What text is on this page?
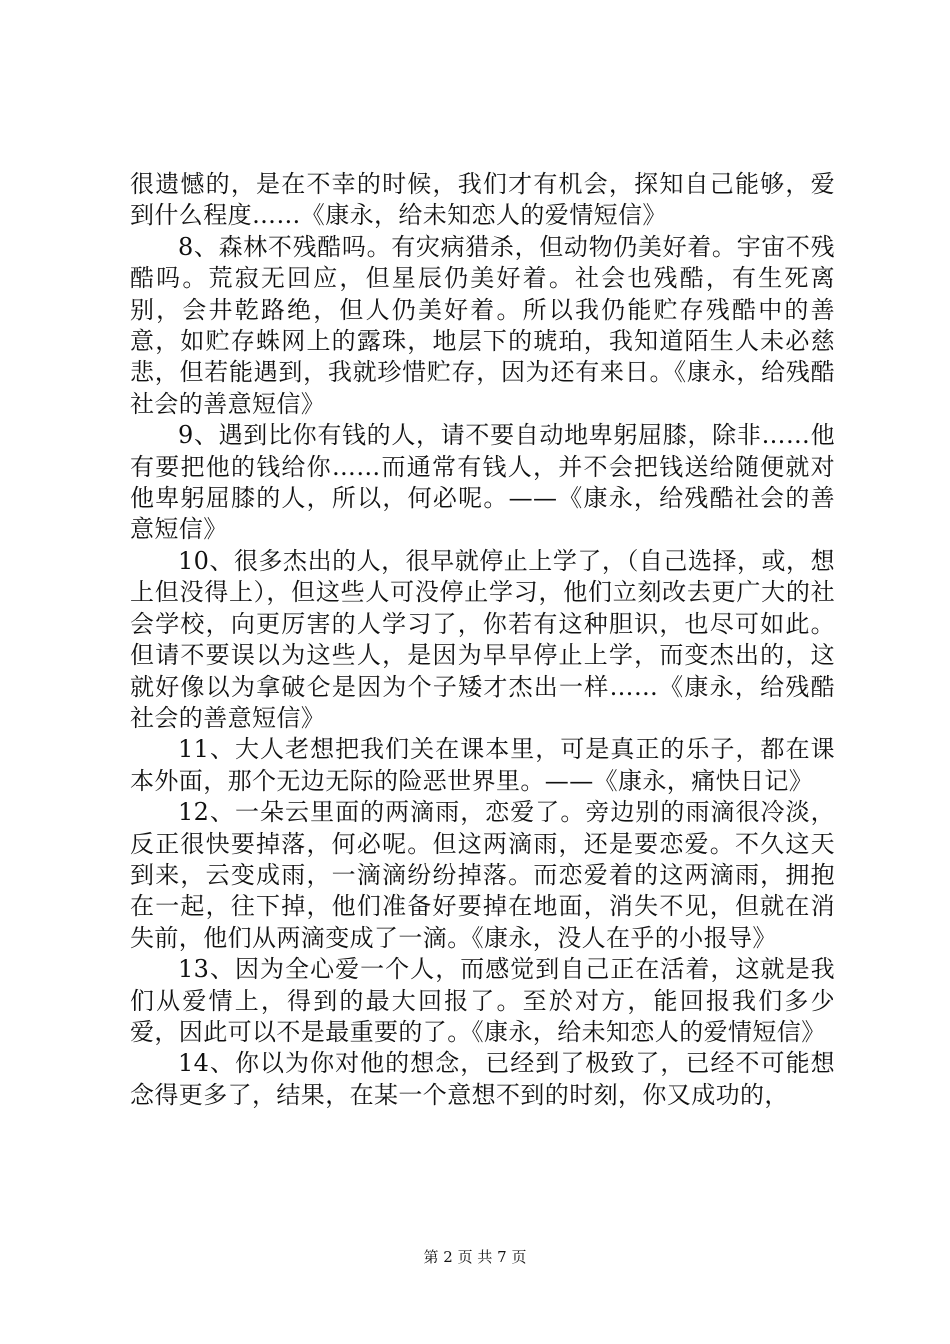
很遗憾的，是在不幸的时候，我们才有机会，探知自己能够，爱到什么程度……《康永，给未知恋人的爱情短信》

8、森林不残酷吗。有灾病猎杀，但动物仍美好着。宇宙不残酷吗。荒寂无回应，但星辰仍美好着。社会也残酷，有生死离别，会井乾路绝，但人仍美好着。所以我仍能贮存残酷中的善意，如贮存蛛网上的露珠，地层下的琥珀，我知道陌生人未必慈悲，但若能遇到，我就珍惜贮存，因为还有来日。《康永，给残酷社会的善意短信》

9、遇到比你有钱的人，请不要自动地卑躬屈膝，除非……他有要把他的钱给你……而通常有钱人，并不会把钱送给随便就对他卑躬屈膝的人，所以，何必呢。——《康永，给残酷社会的善意短信》

10、很多杰出的人，很早就停止上学了，（自己选择，或，想上但没得上），但这些人可没停止学习，他们立刻改去更广大的社会学校，向更厉害的人学习了，你若有这种胆识，也尽可如此。但请不要误以为这些人，是因为早早停止上学，而变杰出的，这就好像以为拿破仑是因为个子矮才杰出一样……《康永，给残酷社会的善意短信》

11、大人老想把我们关在课本里，可是真正的乐子，都在课本外面，那个无边无际的险恶世界里。——《康永，痛快日记》

12、一朵云里面的两滴雨，恋爱了。旁边别的雨滴很冷淡，反正很快要掉落，何必呢。但这两滴雨，还是要恋爱。不久这天到来，云变成雨，一滴滴纷纷掉落。而恋爱着的这两滴雨，拥抱在一起，往下掉，他们准备好要掉在地面，消失不见，但就在消失前，他们从两滴变成了一滴。《康永，没人在乎的小报导》

13、因为全心爱一个人，而感觉到自己正在活着，这就是我们从爱情上，得到的最大回报了。至於对方，能回报我们多少爱，因此可以不是最重要的了。《康永，给未知恋人的爱情短信》

14、你以为你对他的想念，已经到了极致了，已经不可能想念得更多了，结果，在某一个意想不到的时刻，你又成功的，

第 2 页 共 7 页
